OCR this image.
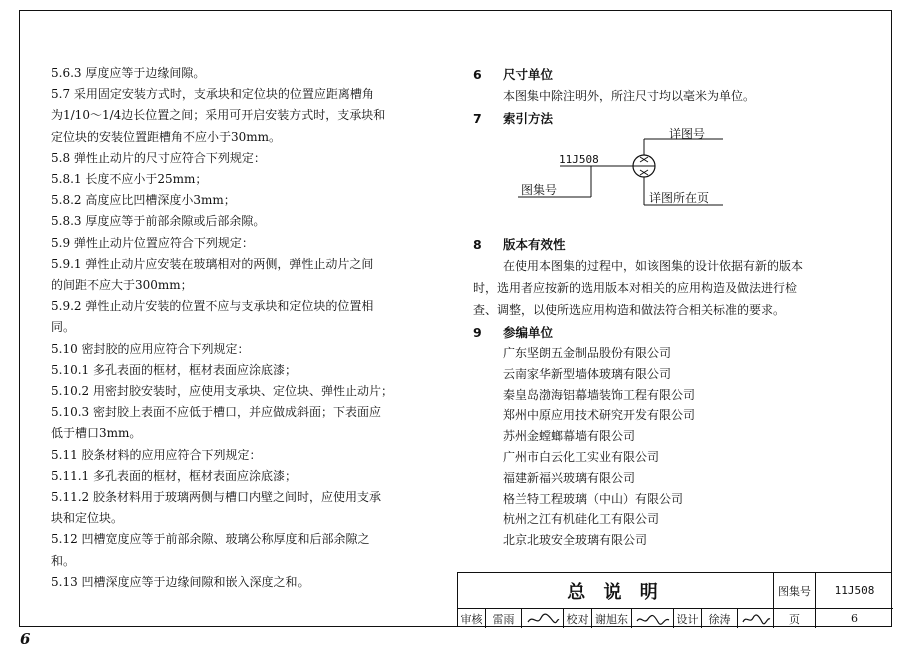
5.6.3 厚度应等于边缘间隙。

5.7 采用固定安装方式时，支承块和定位块的位置应距离槽角

为1/10～1/4边长位置之间；采用可开启安装方式时，支承块和

定位块的安装位置距槽角不应小于30mm。

5.8 弹性止动片的尺寸应符合下列规定：

5.8.1 长度不应小于25mm；

5.8.2 高度应比凹槽深度小3mm；

5.8.3 厚度应等于前部余隙或后部余隙。

5.9 弹性止动片位置应符合下列规定：

5.9.1 弹性止动片应安装在玻璃相对的两侧，弹性止动片之间

的间距不应大于300mm；

5.9.2 弹性止动片安装的位置不应与支承块和定位块的位置相

同。

5.10 密封胶的应用应符合下列规定：

5.10.1 多孔表面的框材，框材表面应涂底漆；

5.10.2 用密封胶安装时，应使用支承块、定位块、弹性止动片；

5.10.3 密封胶上表面不应低于槽口，并应做成斜面；下表面应

低于槽口3mm。

5.11 胶条材料的应用应符合下列规定：

5.11.1 多孔表面的框材，框材表面应涂底漆；

5.11.2 胶条材料用于玻璃两侧与槽口内壁之间时，应使用支承

块和定位块。

5.12 凹槽宽度应等于前部余隙、玻璃公称厚度和后部余隙之

和。

5.13 凹槽深度应等于边缘间隙和嵌入深度之和。

6	尺寸单位
本图集中除注明外，所注尺寸均以毫米为单位。
7	索引方法
详图号
11J508
图集号
详图所在页
8	版本有效性

在使用本图集的过程中，如该图集的设计依据有新的版本

时，选用者应按新的选用版本对相关的应用构造及做法进行检

查、调整，以使所选应用构造和做法符合相关标准的要求。

9	参编单位
广东坚朗五金制品股份有限公司
云南家华新型墙体玻璃有限公司
秦皇岛渤海铝幕墙装饰工程有限公司
郑州中原应用技术研究开发有限公司
苏州金螳螂幕墙有限公司
广州市白云化工实业有限公司
福建新福兴玻璃有限公司
格兰特工程玻璃（中山）有限公司
杭州之江有机硅化工有限公司
北京北玻安全玻璃有限公司
总 说 明	图集号	11J508
审核 雷雨	校对 谢旭东	设计 徐涛	页	6
6
